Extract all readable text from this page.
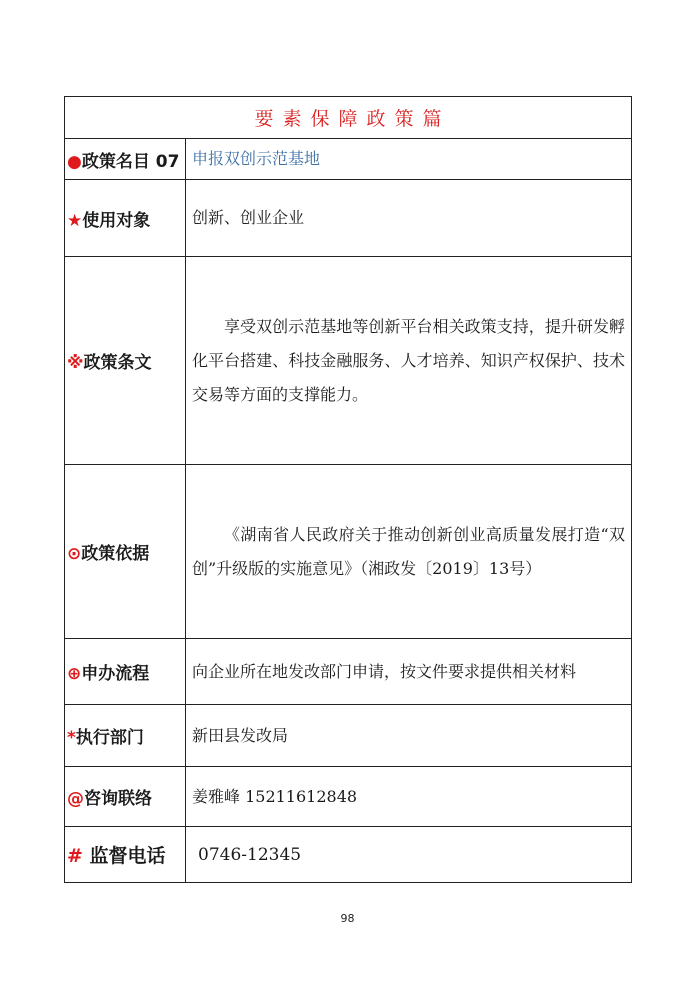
要素保障政策篇	
●政策名目 07	申报双创示范基地
★使用对象	创新、创业企业
※政策条文	享受双创示范基地等创新平台相关政策支持，提升研发孵化平台搭建、科技金融服务、人才培养、知识产权保护、技术交易等方面的支撑能力。
⊙政策依据	《湖南省人民政府关于推动创新创业高质量发展打造“双创”升级版的实施意见》（湘政发〔2019〕13号）
⊕申办流程	向企业所在地发改部门申请，按文件要求提供相关材料
*执行部门	新田县发改局
@咨询联络	姜雅峰 15211612848
# 监督电话	0746-12345
98
